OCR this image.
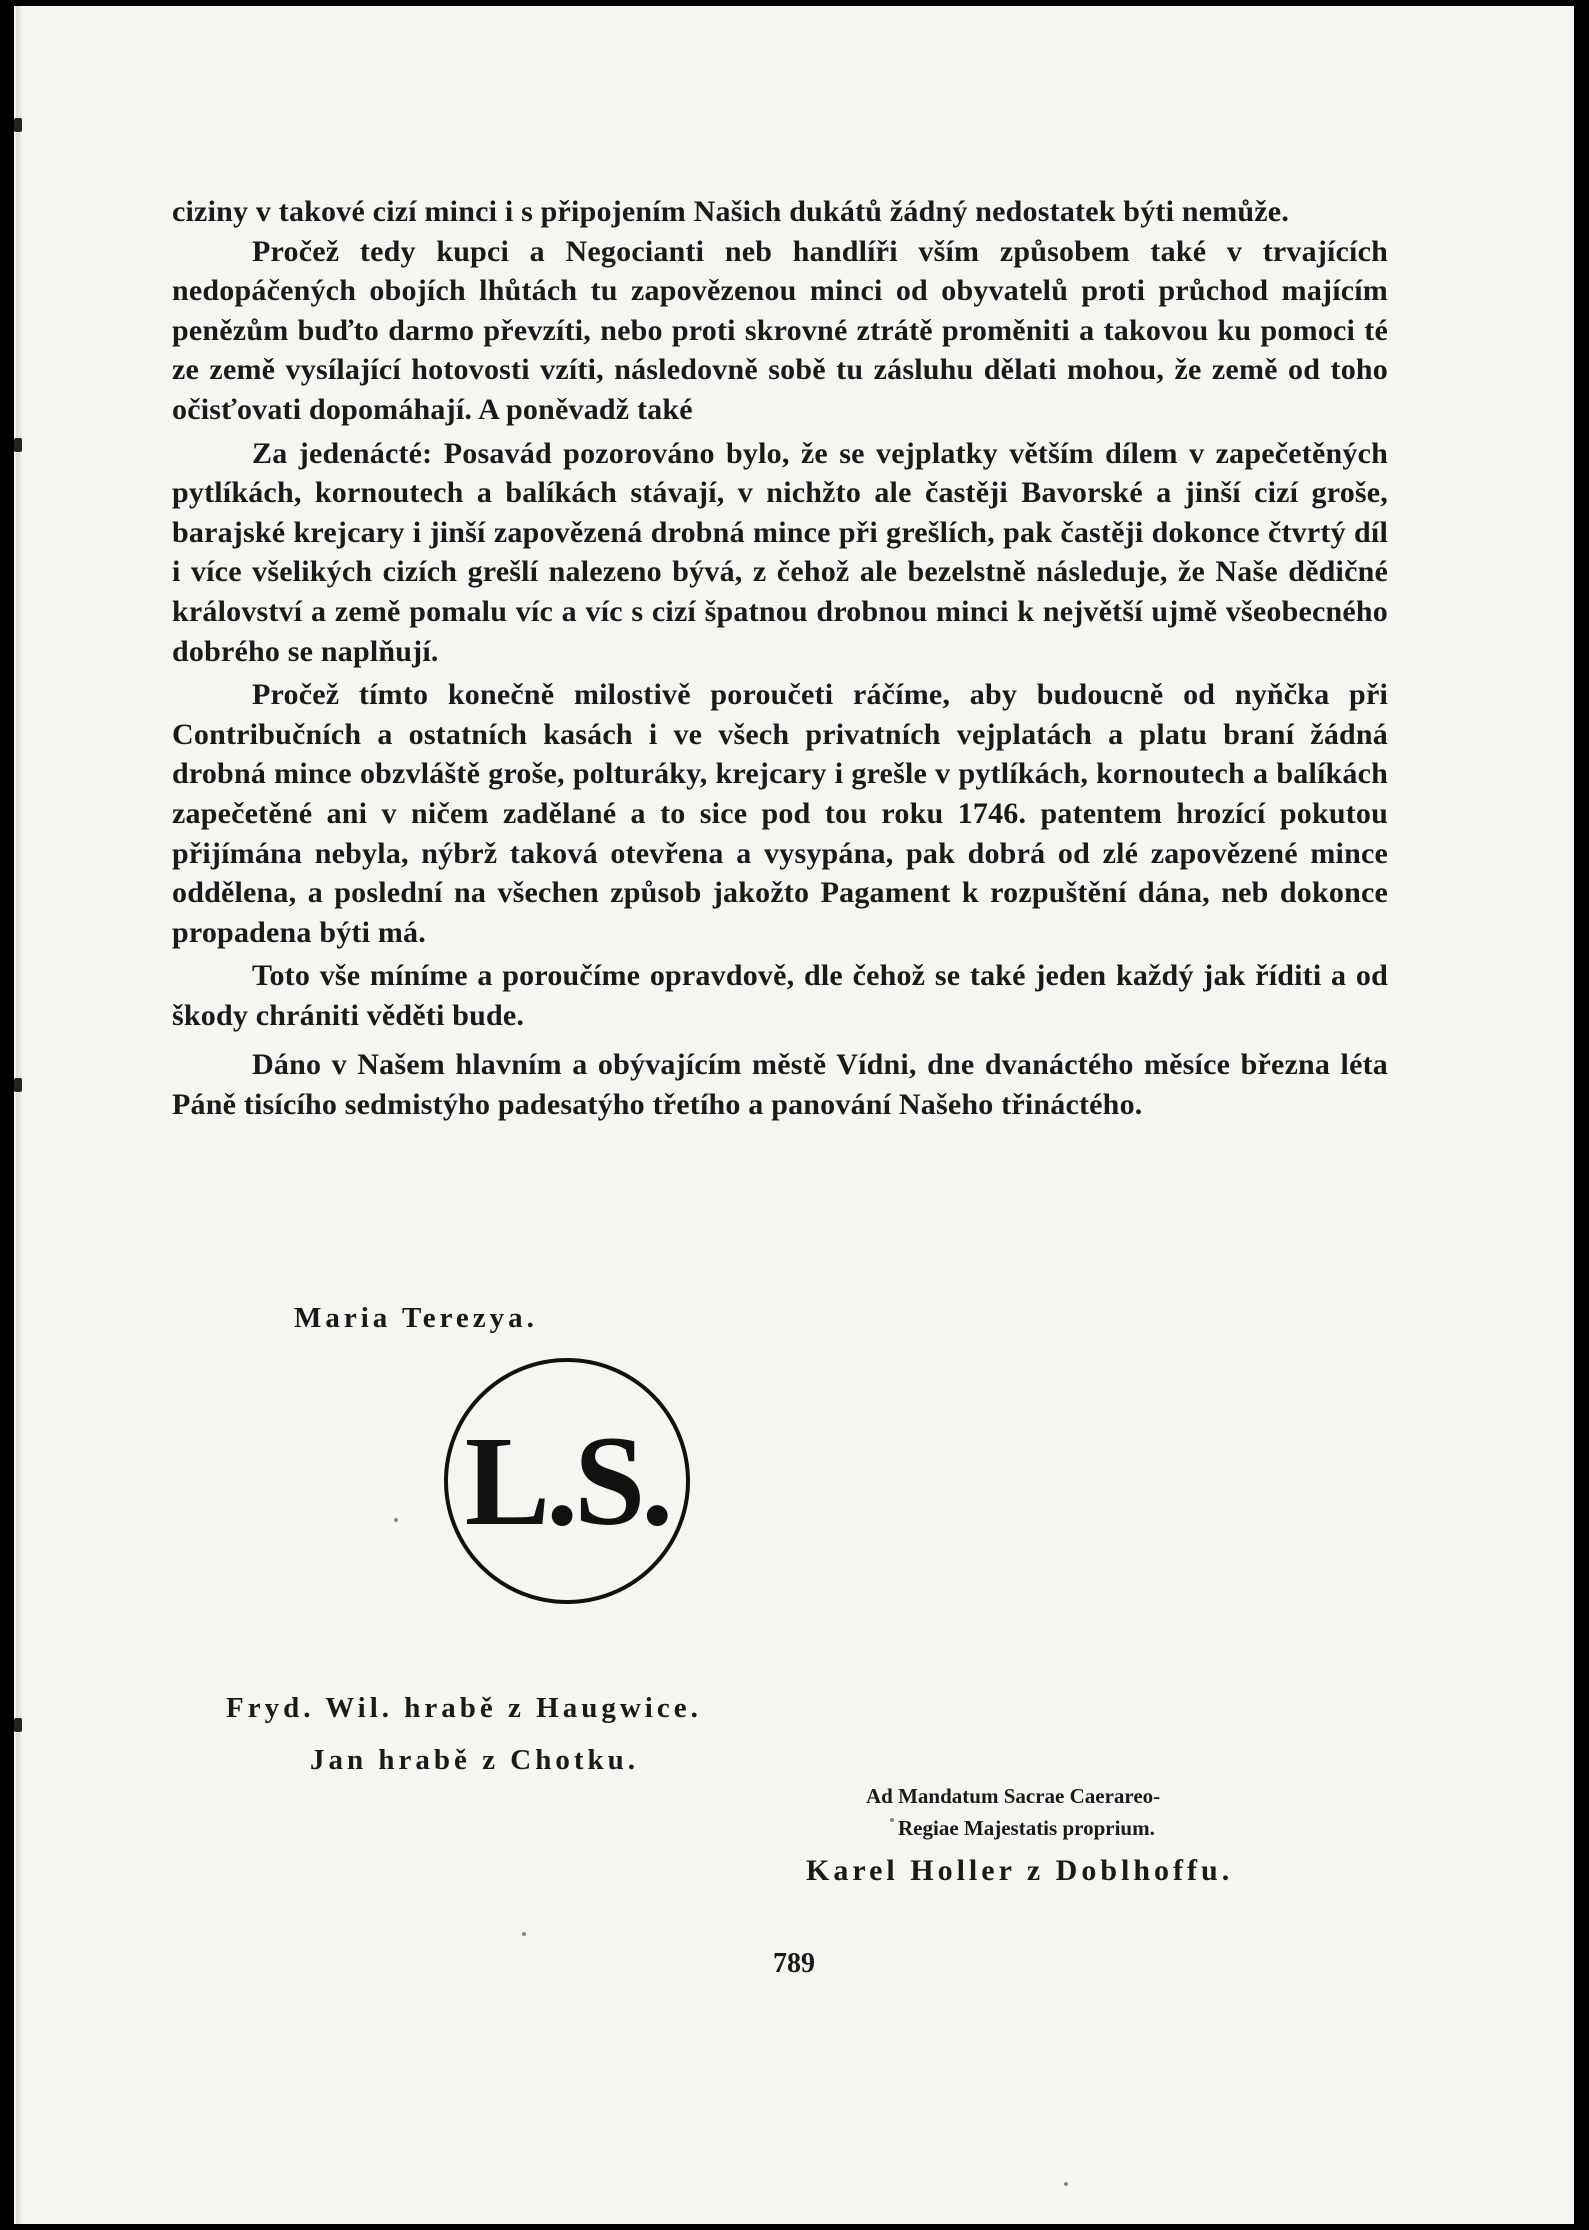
ciziny v takové cizí minci i s připojením Našich dukátů žádný nedostatek býti nemůže.

Pročež tedy kupci a Negocianti neb handlíři vším způsobem také v trvajících nedopáčených obojích lhůtách tu zapovězenou minci od obyvatelů proti průchod majícím penězům buďto darmo převzíti, nebo proti skrovné ztrátě proměniti a takovou ku pomoci té ze země vysílající hotovosti vzíti, následovně sobě tu zásluhu dělati mohou, že země od toho očisťovati dopomáhají. A poněvadž také

Za jedenácté: Posavád pozorováno bylo, že se vejplatky větším dílem v zapečetěných pytlíkách, kornoutech a balíkách stávají, v nichžto ale častěji Bavorské a jinší cizí groše, barajské krejcary i jinší zapovězená drobná mince při grešlích, pak častěji dokonce čtvrtý díl i více všelikých cizích grešlí nalezeno bývá, z čehož ale bezelstně následuje, že Naše dědičné království a země pomalu víc a víc s cizí špatnou drobnou minci k největší ujmě všeobecného dobrého se naplňují.

Pročež tímto konečně milostivě poroučeti ráčíme, aby budoucně od nyňčka při Contribučních a ostatních kasách i ve všech privatních vejplatách a platu braní žádná drobná mince obzvláště groše, polturáky, krejcary i grešle v pytlíkách, kornoutech a balíkách zapečetěné ani v ničem zadělané a to sice pod tou roku 1746. patentem hrozící pokutou přijímána nebyla, nýbrž taková otevřena a vysypána, pak dobrá od zlé zapovězené mince oddělena, a poslední na všechen způsob jakožto Pagament k rozpuštění dána, neb dokonce propadena býti má.

Toto vše míníme a poroučíme opravdově, dle čehož se také jeden každý jak říditi a od škody chrániti věděti bude.

Dáno v Našem hlavním a obývajícím městě Vídni, dne dvanáctého měsíce března léta Páně tisícího sedmistýho padesatýho třetího a panování Našeho třináctého.

Maria Terezya.
L.S.
Fryd. Wil. hrabě z Haugwice.
Jan hrabě z Chotku.
Ad Mandatum Sacrae Caerareo-
Regiae Majestatis proprium.
Karel Holler z Doblhoffu.
789
